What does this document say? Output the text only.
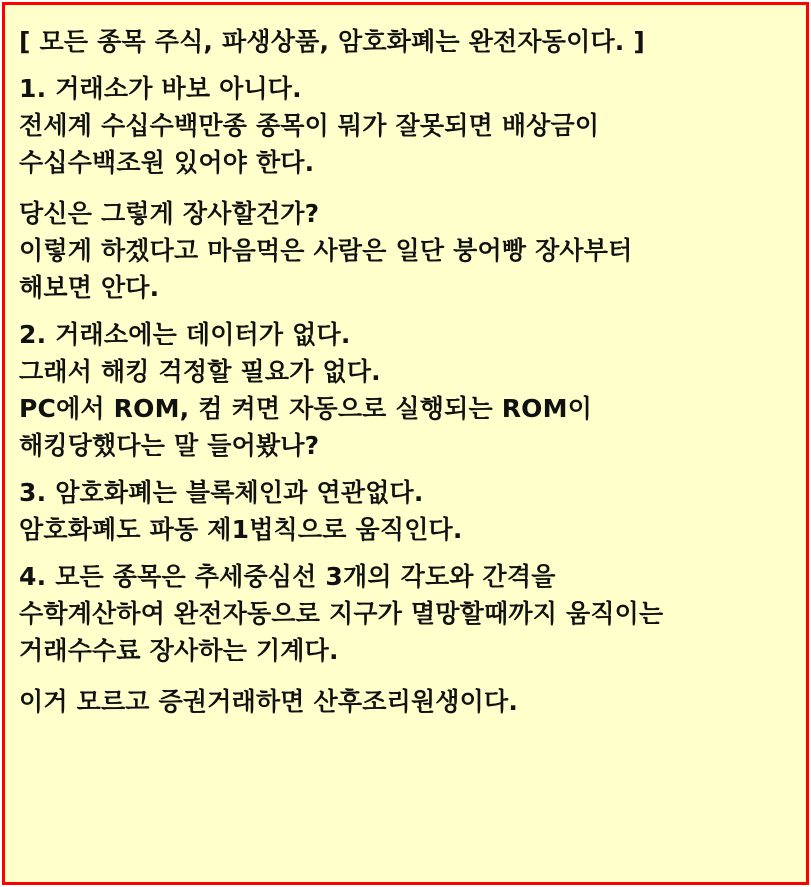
[ 모든 종목 주식, 파생상품, 암호화폐는 완전자동이다. ]
1. 거래소가 바보 아니다.
전세계 수십수백만종 종목이 뭐가 잘못되면 배상금이
수십수백조원 있어야 한다.
당신은 그렇게 장사할건가?
이렇게 하겠다고 마음먹은 사람은 일단 붕어빵 장사부터
해보면 안다.
2. 거래소에는 데이터가 없다.
그래서 해킹 걱정할 필요가 없다.
PC에서 ROM, 컴 켜면 자동으로 실행되는 ROM이
해킹당했다는 말 들어봤나?
3. 암호화폐는 블록체인과 연관없다.
암호화폐도 파동 제1법칙으로 움직인다.
4. 모든 종목은 추세중심선 3개의 각도와 간격을
수학계산하여 완전자동으로 지구가 멸망할때까지 움직이는
거래수수료 장사하는 기계다.
이거 모르고 증권거래하면 산후조리원생이다.
